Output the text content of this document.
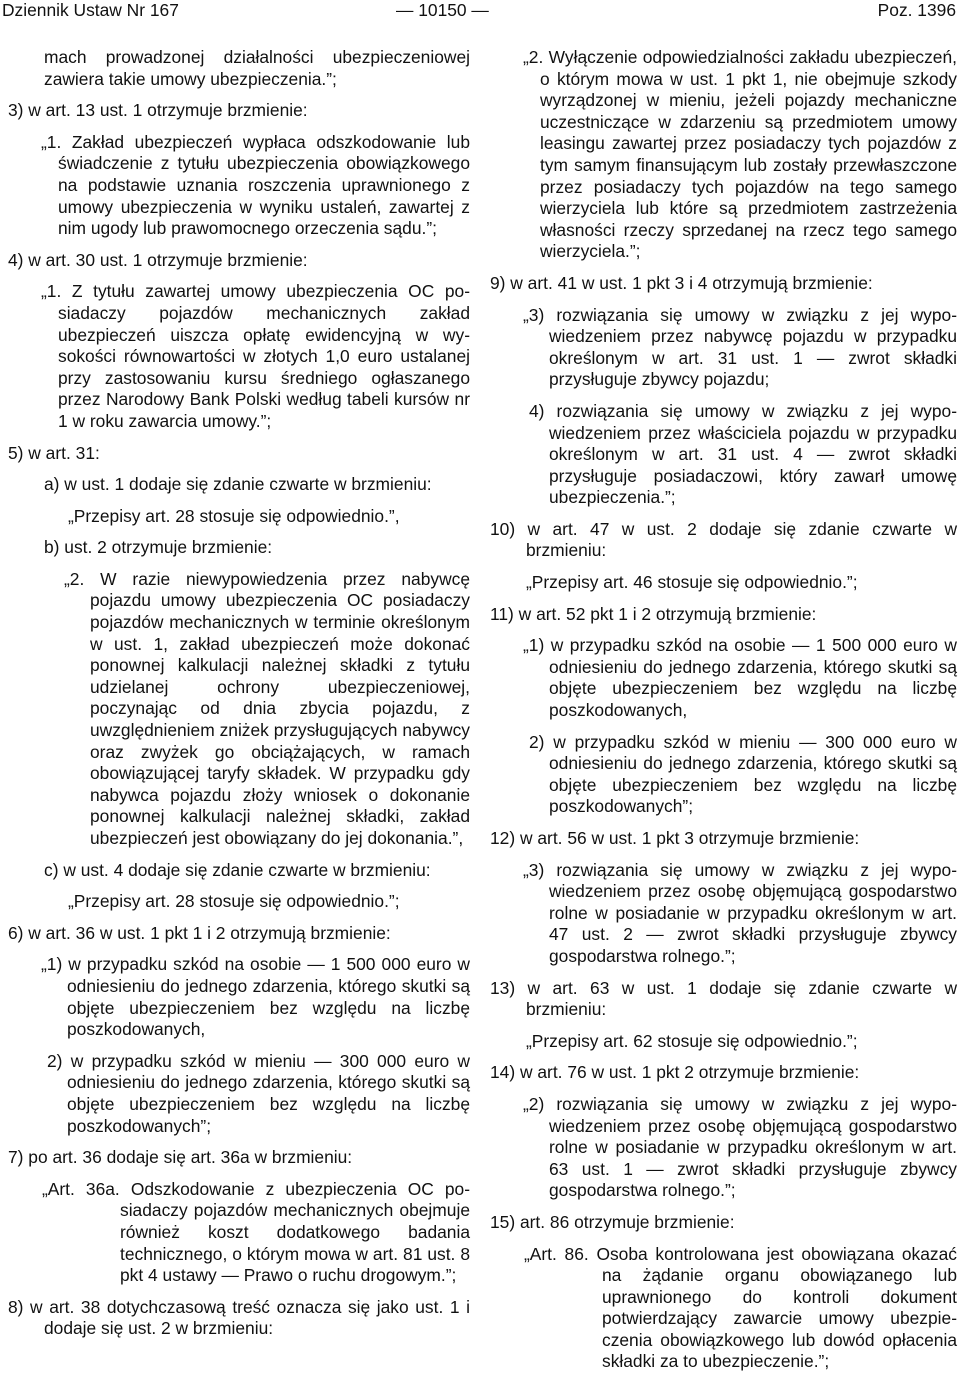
Dziennik Ustaw Nr 167	— 10150 —	Poz. 1396

mach prowadzonej działalności ubezpieczeniowej zawiera takie umowy ubezpieczenia.”;

3) w art. 13 ust. 1 otrzymuje brzmienie:

„1. Zakład ubezpieczeń wypłaca odszkodowanie lub świadczenie z tytułu ubezpieczenia obowiązkowego na podstawie uznania roszczenia uprawnionego z umowy ubezpieczenia w wyniku ustaleń, zawartej z nim ugody lub prawomocnego orzeczenia sądu.”;

4) w art. 30 ust. 1 otrzymuje brzmienie:

„1. Z tytułu zawartej umowy ubezpieczenia OC posiadaczy pojazdów mechanicznych zakład ubezpieczeń uiszcza opłatę ewidencyjną w wysokości równowartości w złotych 1,0 euro ustalanej przy zastosowaniu kursu średniego ogłaszanego przez Narodowy Bank Polski według tabeli kursów nr 1 w roku zawarcia umowy.”;

5) w art. 31:

a) w ust. 1 dodaje się zdanie czwarte w brzmieniu:

„Przepisy art. 28 stosuje się odpowiednio.”,

b) ust. 2 otrzymuje brzmienie:

„2. W razie niewypowiedzenia przez nabywcę pojazdu umowy ubezpieczenia OC posiadaczy pojazdów mechanicznych w terminie określonym w ust. 1, zakład ubezpieczeń może dokonać ponownej kalkulacji należnej składki z tytułu udzielanej ochrony ubezpieczeniowej, poczynając od dnia zbycia pojazdu, z uwzględnieniem zniżek przysługujących nabywcy oraz zwyżek go obciążających, w ramach obowiązującej taryfy składek. W przypadku gdy nabywca pojazdu złoży wniosek o dokonanie ponownej kalkulacji należnej składki, zakład ubezpieczeń jest obowiązany do jej dokonania.”,

c) w ust. 4 dodaje się zdanie czwarte w brzmieniu:

„Przepisy art. 28 stosuje się odpowiednio.”;

6) w art. 36 w ust. 1 pkt 1 i 2 otrzymują brzmienie:

„1) w przypadku szkód na osobie — 1 500 000 euro w odniesieniu do jednego zdarzenia, którego skutki są objęte ubezpieczeniem bez względu na liczbę poszkodowanych,

2) w przypadku szkód w mieniu — 300 000 euro w odniesieniu do jednego zdarzenia, którego skutki są objęte ubezpieczeniem bez względu na liczbę poszkodowanych”;

7) po art. 36 dodaje się art. 36a w brzmieniu:

„Art. 36a. Odszkodowanie z ubezpieczenia OC posiadaczy pojazdów mechanicznych obejmuje również koszt dodatkowego badania technicznego, o którym mowa w art. 81 ust. 8 pkt 4 ustawy — Prawo o ruchu drogowym.”;

8) w art. 38 dotychczasową treść oznacza się jako ust. 1 i dodaje się ust. 2 w brzmieniu:

„2. Wyłączenie odpowiedzialności zakładu ubezpieczeń, o którym mowa w ust. 1 pkt 1, nie obejmuje szkody wyrządzonej w mieniu, jeżeli pojazdy mechaniczne uczestniczące w zdarzeniu są przedmiotem umowy leasingu zawartej przez posiadaczy tych pojazdów z tym samym finansującym lub zostały przewłaszczone przez posiadaczy tych pojazdów na tego samego wierzyciela lub które są przedmiotem zastrzeżenia własności rzeczy sprzedanej na rzecz tego samego wierzyciela.”;

9) w art. 41 w ust. 1 pkt 3 i 4 otrzymują brzmienie:

„3) rozwiązania się umowy w związku z jej wypowiedzeniem przez nabywcę pojazdu w przypadku określonym w art. 31 ust. 1 — zwrot składki przysługuje zbywcy pojazdu;

4) rozwiązania się umowy w związku z jej wypowiedzeniem przez właściciela pojazdu w przypadku określonym w art. 31 ust. 4 — zwrot składki przysługuje posiadaczowi, który zawarł umowę ubezpieczenia.”;

10) w art. 47 w ust. 2 dodaje się zdanie czwarte w brzmieniu:

„Przepisy art. 46 stosuje się odpowiednio.”;

11) w art. 52 pkt 1 i 2 otrzymują brzmienie:

„1) w przypadku szkód na osobie — 1 500 000 euro w odniesieniu do jednego zdarzenia, którego skutki są objęte ubezpieczeniem bez względu na liczbę poszkodowanych,

2) w przypadku szkód w mieniu — 300 000 euro w odniesieniu do jednego zdarzenia, którego skutki są objęte ubezpieczeniem bez względu na liczbę poszkodowanych”;

12) w art. 56 w ust. 1 pkt 3 otrzymuje brzmienie:

„3) rozwiązania się umowy w związku z jej wypowiedzeniem przez osobę objęmującą gospodarstwo rolne w posiadanie w przypadku określonym w art. 47 ust. 2 — zwrot składki przysługuje zbywcy gospodarstwa rolnego.”;

13) w art. 63 w ust. 1 dodaje się zdanie czwarte w brzmieniu:

„Przepisy art. 62 stosuje się odpowiednio.”;

14) w art. 76 w ust. 1 pkt 2 otrzymuje brzmienie:

„2) rozwiązania się umowy w związku z jej wypowiedzeniem przez osobę objęmującą gospodarstwo rolne w posiadanie w przypadku określonym w art. 63 ust. 1 — zwrot składki przysługuje zbywcy gospodarstwa rolnego.”;

15) art. 86 otrzymuje brzmienie:

„Art. 86. Osoba kontrolowana jest obowiązana okazać na żądanie organu obowiązanego lub uprawnionego do kontroli dokument potwierdzający zawarcie umowy ubezpieczenia obowiązkowego lub dowód opłacenia składki za to ubezpieczenie.”;
